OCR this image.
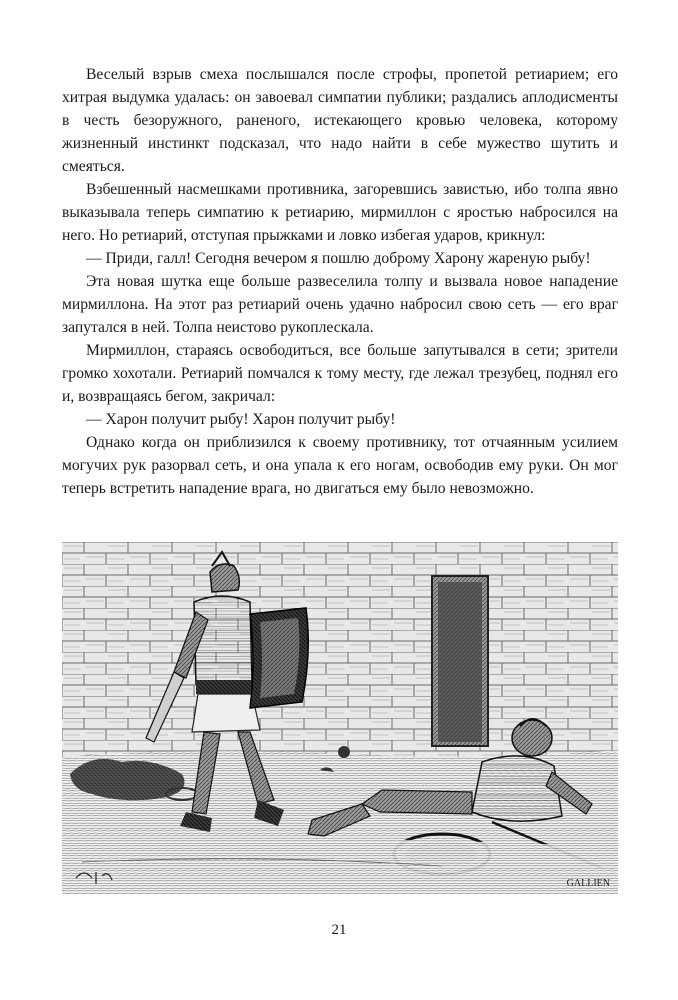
Веселый взрыв смеха послышался после строфы, пропетой ретиарием; его хитрая выдумка удалась: он завоевал симпатии публики; раздались аплодисменты в честь безоружного, раненого, истекающего кровью человека, которому жизненный инстинкт подсказал, что надо найти в себе мужество шутить и смеяться.

Взбешенный насмешками противника, загоревшись завистью, ибо толпа явно выказывала теперь симпатию к ретиарию, мирмиллон с яростью набросился на него. Но ретиарий, отступая прыжками и ловко избегая ударов, крикнул:

— Приди, галл! Сегодня вечером я пошлю доброму Харону жареную рыбу!

Эта новая шутка еще больше развеселила толпу и вызвала новое нападение мирмиллона. На этот раз ретиарий очень удачно набросил свою сеть — его враг запутался в ней. Толпа неистово рукоплескала.

Мирмиллон, стараясь освободиться, все больше запутывался в сети; зрители громко хохотали. Ретиарий помчался к тому месту, где лежал трезубец, поднял его и, возвращаясь бегом, закричал:

— Харон получит рыбу! Харон получит рыбу!

Однако когда он приблизился к своему противнику, тот отчаянным усилием могучих рук разорвал сеть, и она упала к его ногам, освободив ему руки. Он мог теперь встретить нападение врага, но двигаться ему было невозможно.

GALLIEN
21
